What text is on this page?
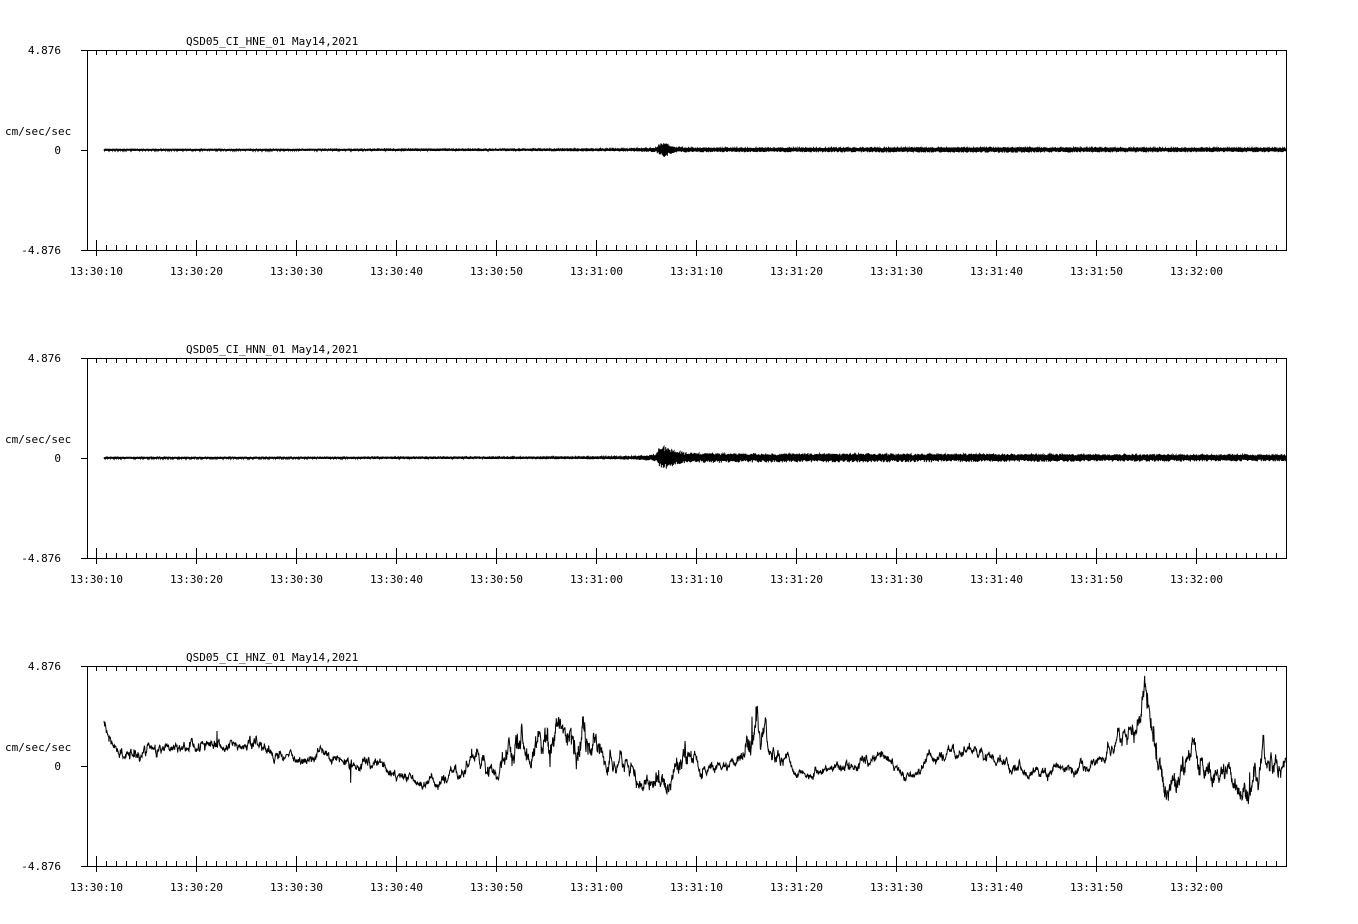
QSD05_CI_HNE_01 May14,2021
4.876
0
-4.876
cm/sec/sec
13:30:10	13:30:20	13:30:30	13:30:40	13:30:50	13:31:00	13:31:10	13:31:20	13:31:30	13:31:40	13:31:50	13:32:00
QSD05_CI_HNN_01 May14,2021
4.876
0
-4.876
cm/sec/sec
13:30:10	13:30:20	13:30:30	13:30:40	13:30:50	13:31:00	13:31:10	13:31:20	13:31:30	13:31:40	13:31:50	13:32:00
QSD05_CI_HNZ_01 May14,2021
4.876
0
-4.876
cm/sec/sec
13:30:10	13:30:20	13:30:30	13:30:40	13:30:50	13:31:00	13:31:10	13:31:20	13:31:30	13:31:40	13:31:50	13:32:00
